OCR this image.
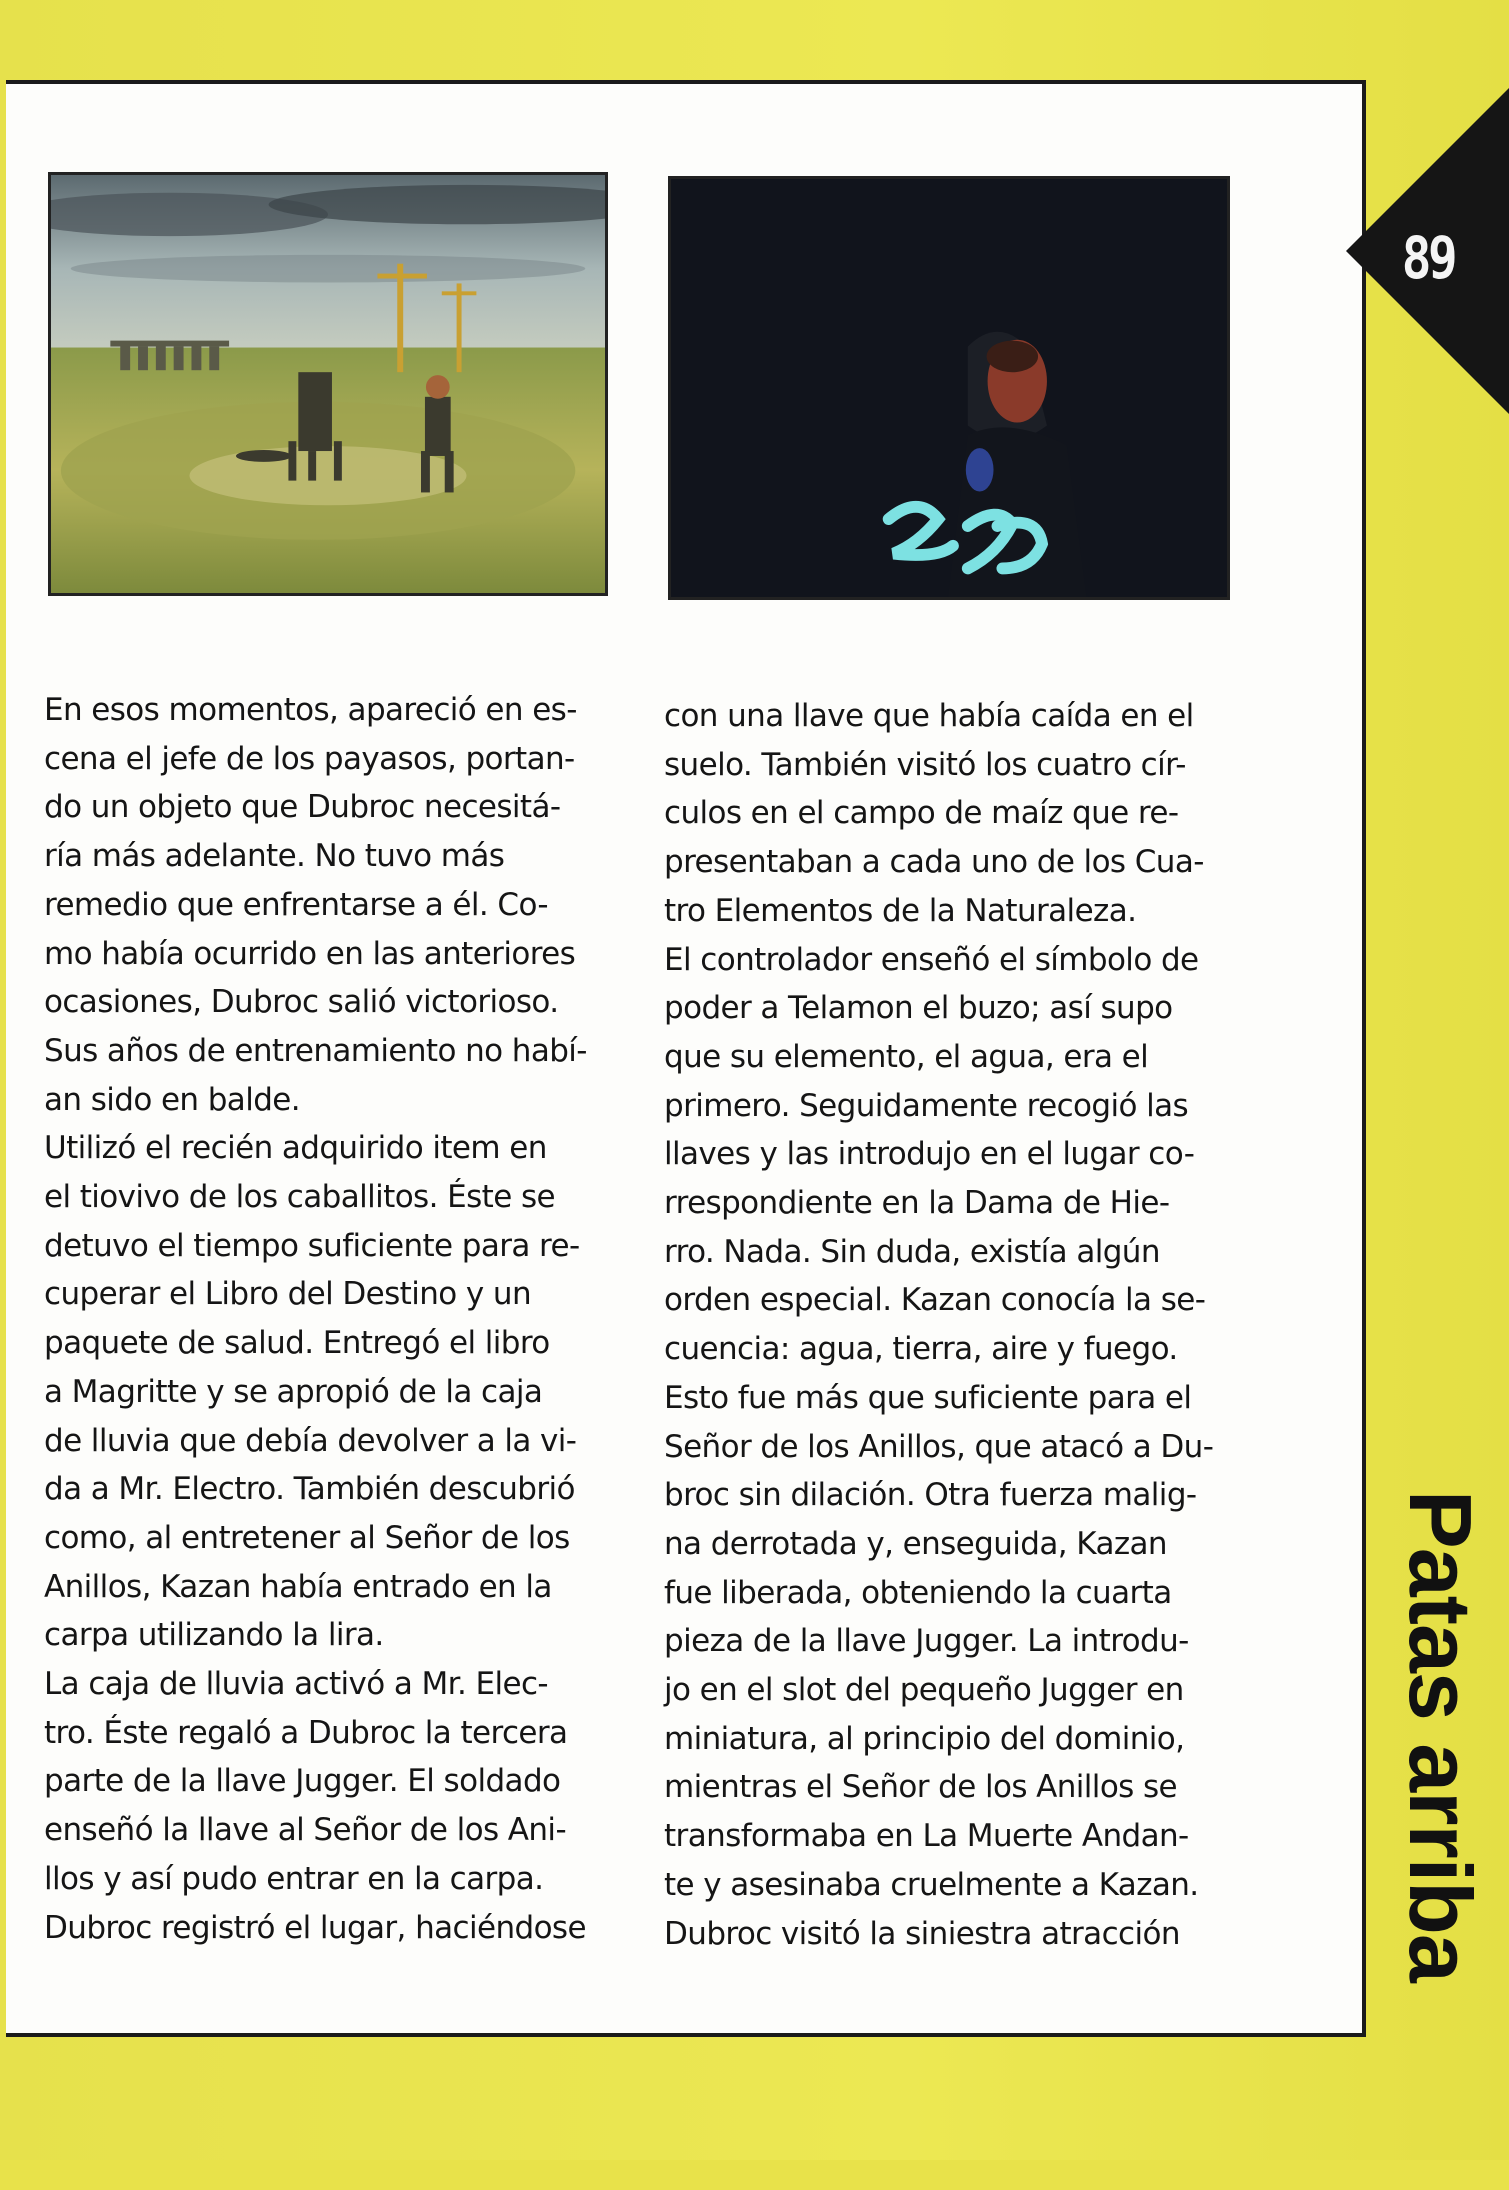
89
Patas arriba

En esos momentos, apareció en es-
cena el jefe de los payasos, portan-
do un objeto que Dubroc necesitá-
ría más adelante. No tuvo más
remedio que enfrentarse a él. Co-
mo había ocurrido en las anteriores
ocasiones, Dubroc salió victorioso.
Sus años de entrenamiento no habí-
an sido en balde.

Utilizó el recién adquirido item en
el tiovivo de los caballitos. Éste se
detuvo el tiempo suficiente para re-
cuperar el Libro del Destino y un
paquete de salud. Entregó el libro
a Magritte y se apropió de la caja
de lluvia que debía devolver a la vi-
da a Mr. Electro. También descubrió
como, al entretener al Señor de los
Anillos, Kazan había entrado en la
carpa utilizando la lira.

La caja de lluvia activó a Mr. Elec-
tro. Éste regaló a Dubroc la tercera
parte de la llave Jugger. El soldado
enseñó la llave al Señor de los Ani-
llos y así pudo entrar en la carpa.
Dubroc registró el lugar, haciéndose

con una llave que había caída en el
suelo. También visitó los cuatro cír-
culos en el campo de maíz que re-
presentaban a cada uno de los Cua-
tro Elementos de la Naturaleza.

El controlador enseñó el símbolo de
poder a Telamon el buzo; así supo
que su elemento, el agua, era el
primero. Seguidamente recogió las
llaves y las introdujo en el lugar co-
rrespondiente en la Dama de Hie-
rro. Nada. Sin duda, existía algún
orden especial. Kazan conocía la se-
cuencia: agua, tierra, aire y fuego.
Esto fue más que suficiente para el
Señor de los Anillos, que atacó a Du-
broc sin dilación. Otra fuerza malig-
na derrotada y, enseguida, Kazan
fue liberada, obteniendo la cuarta
pieza de la llave Jugger. La introdu-
jo en el slot del pequeño Jugger en
miniatura, al principio del dominio,
mientras el Señor de los Anillos se
transformaba en La Muerte Andan-
te y asesinaba cruelmente a Kazan.
Dubroc visitó la siniestra atracción
